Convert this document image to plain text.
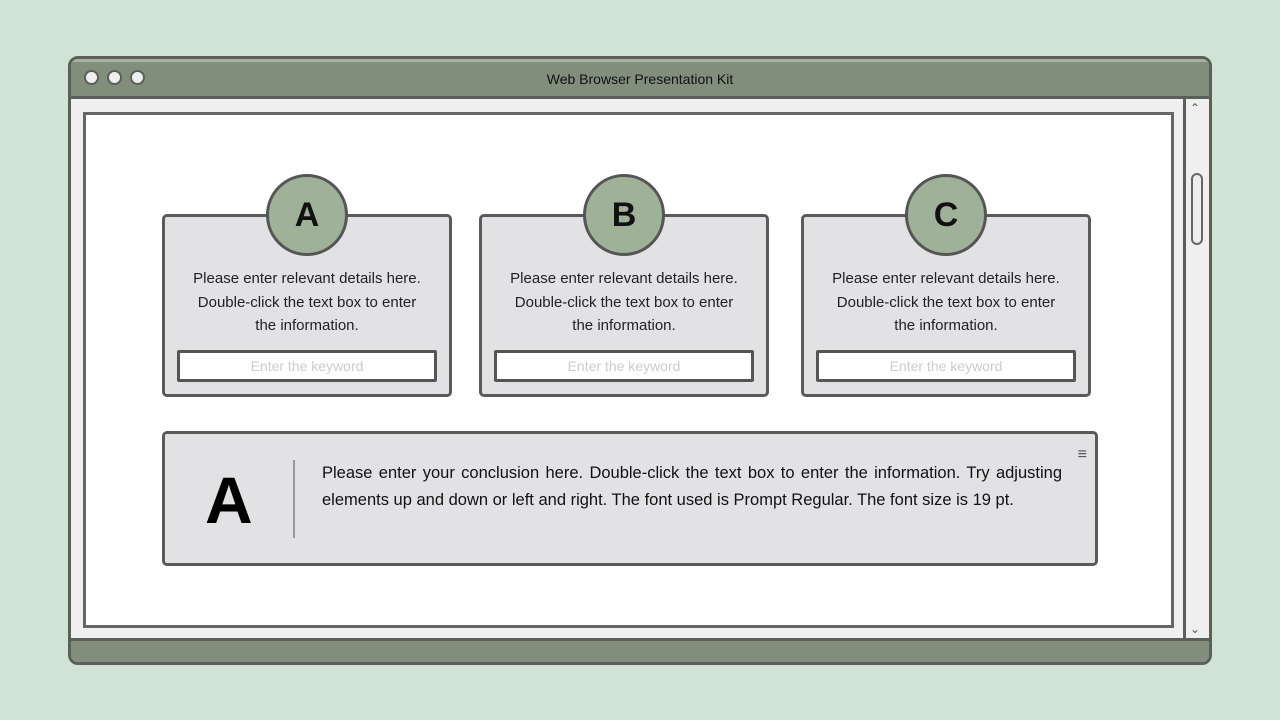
Web Browser Presentation Kit
⌃
⌄
Please enter relevant details here. Double-click the text box to enter the information.
Enter the keyword
A
Please enter relevant details here. Double-click the text box to enter the information.
Enter the keyword
B
Please enter relevant details here. Double-click the text box to enter the information.
Enter the keyword
C
A	Please enter your conclusion here. Double-click the text box to enter the information. Try adjusting elements up and down or left and right. The font used is Prompt Regular. The font size is 19 pt.
≡
